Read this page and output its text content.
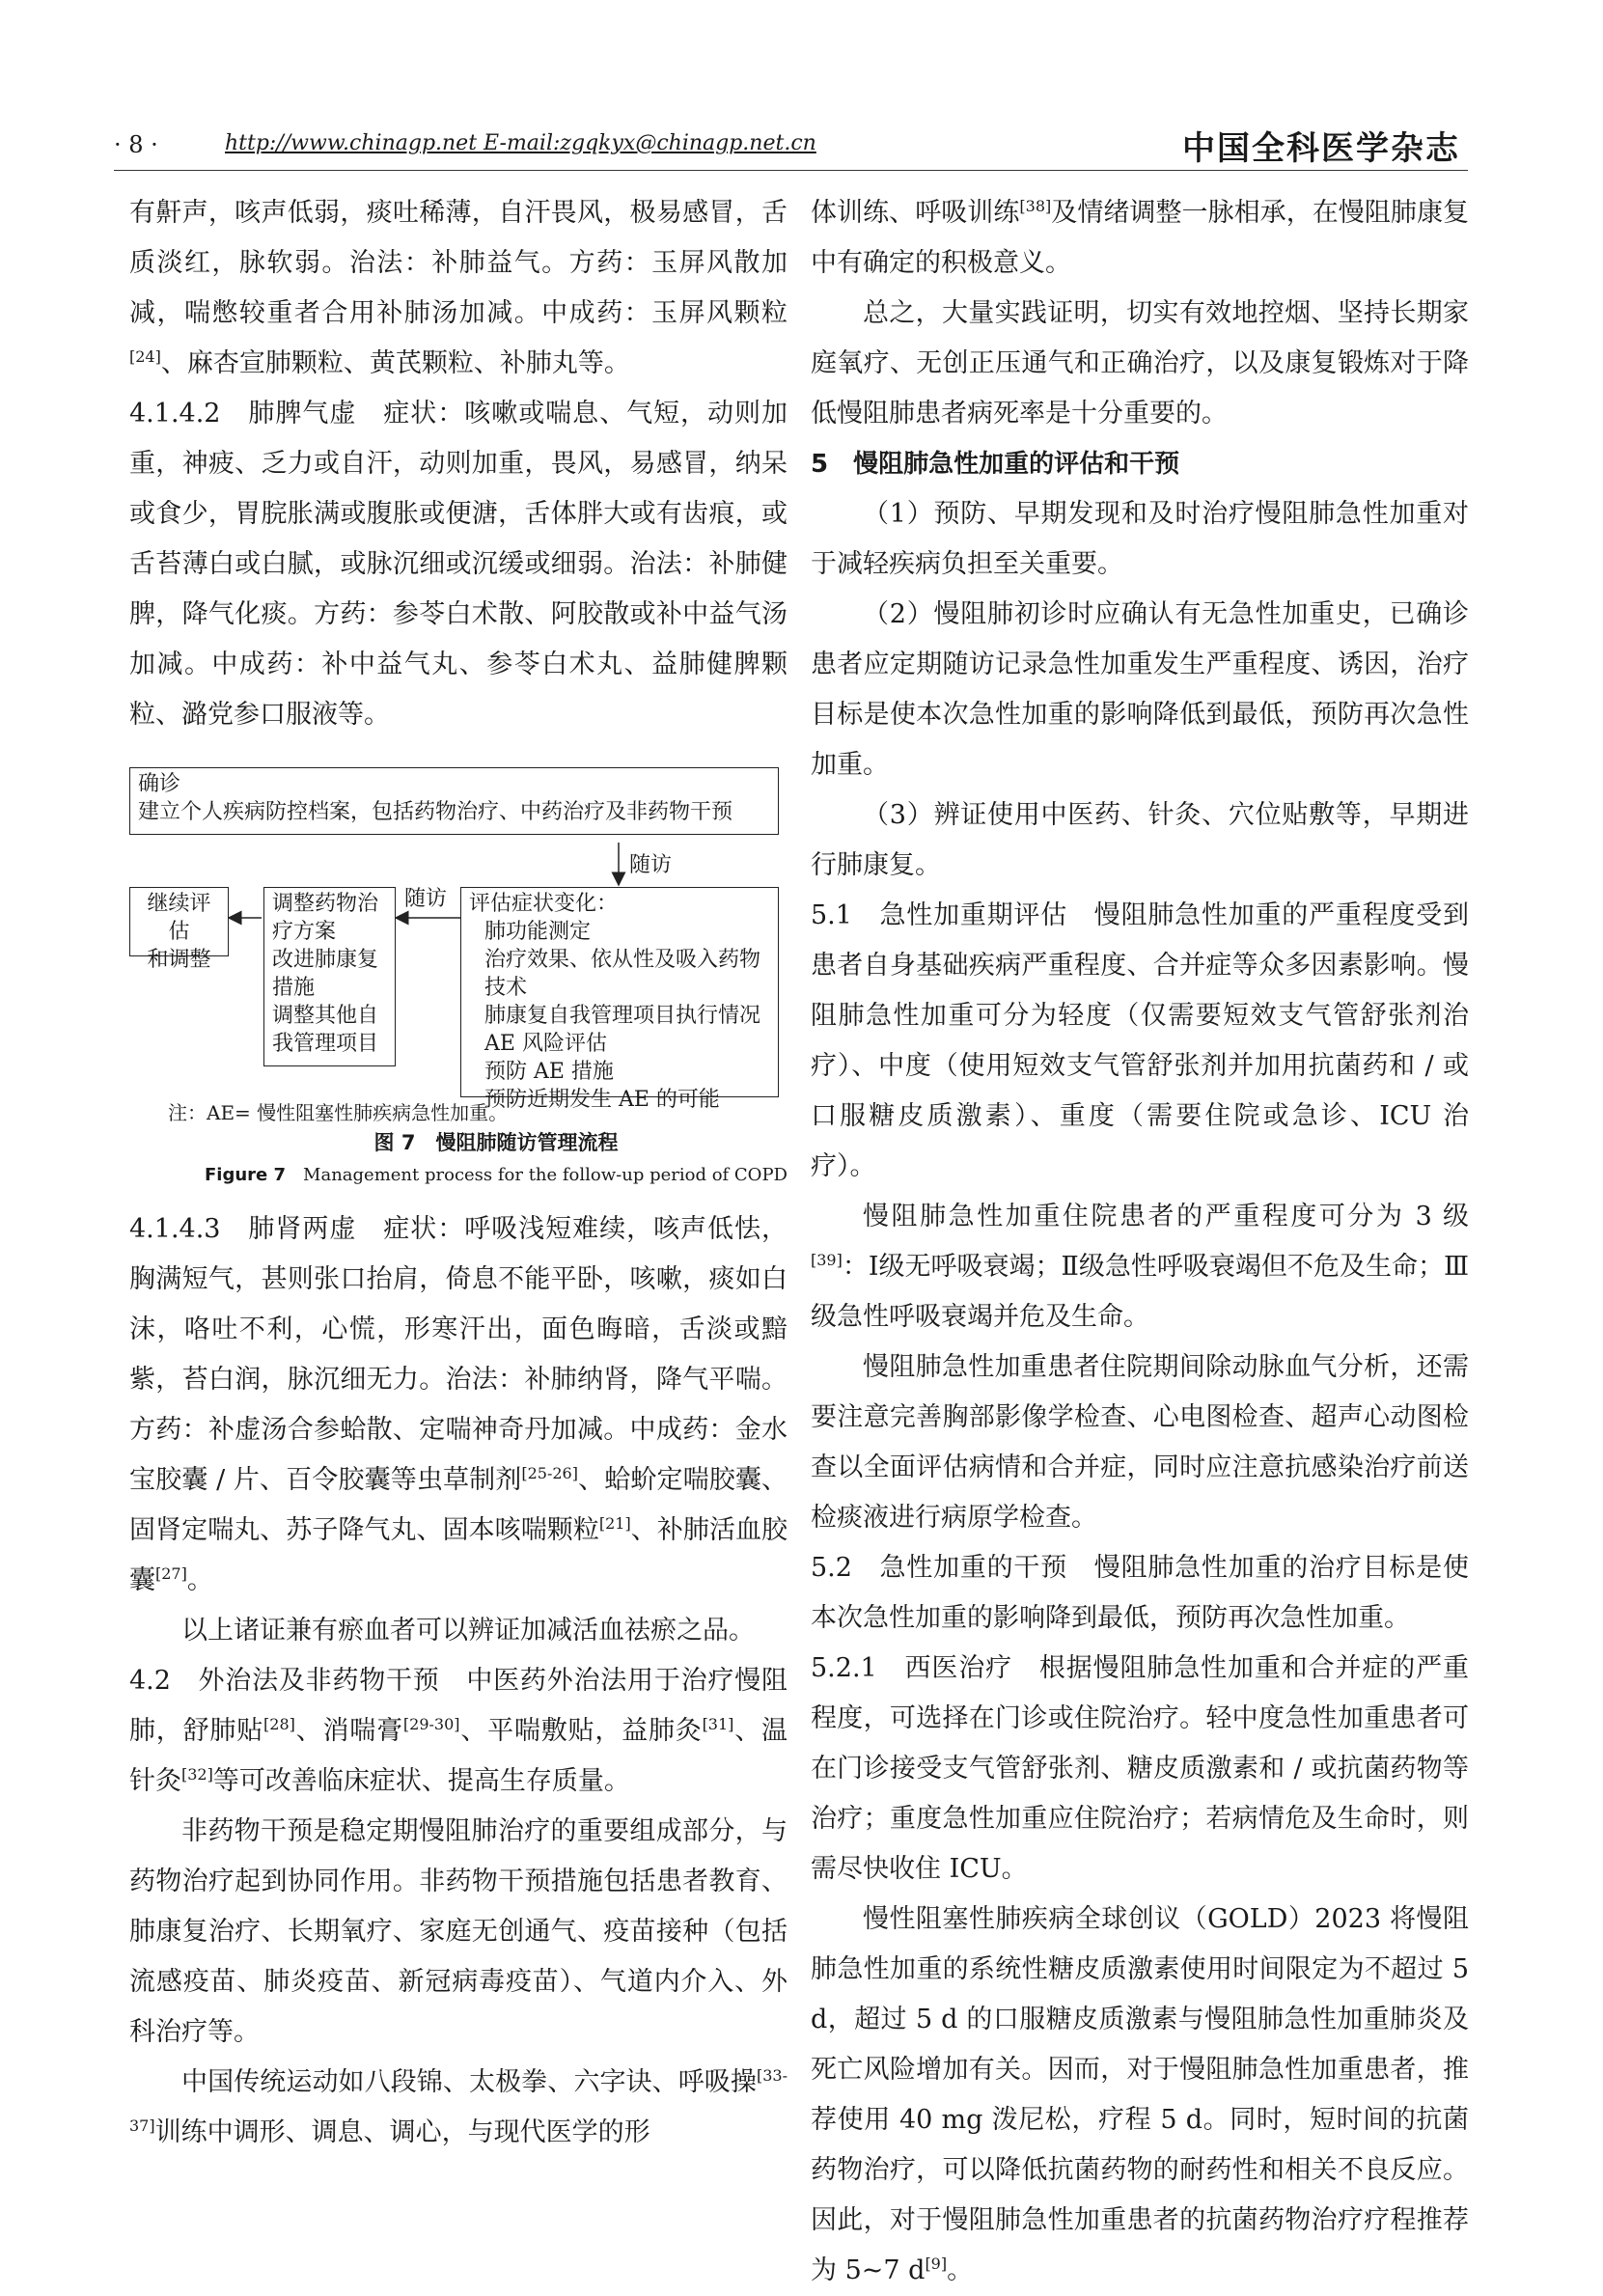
· 8 ·	http://www.chinagp.net E-mail:zgqkyx@chinagp.net.cn	中国全科医学杂志

有鼾声，咳声低弱，痰吐稀薄，自汗畏风，极易感冒，舌质淡红，脉软弱。治法：补肺益气。方药：玉屏风散加减，喘憋较重者合用补肺汤加减。中成药：玉屏风颗粒[24]、麻杏宣肺颗粒、黄芪颗粒、补肺丸等。

4.1.4.2　肺脾气虚　症状：咳嗽或喘息、气短，动则加重，神疲、乏力或自汗，动则加重，畏风，易感冒，纳呆或食少，胃脘胀满或腹胀或便溏，舌体胖大或有齿痕，或舌苔薄白或白腻，或脉沉细或沉缓或细弱。治法：补肺健脾，降气化痰。方药：参苓白术散、阿胶散或补中益气汤加减。中成药：补中益气丸、参苓白术丸、益肺健脾颗粒、潞党参口服液等。

确诊
建立个人疾病防控档案，包括药物治疗、中药治疗及非药物干预
随访
随访 评估症状变化：
肺功能测定
治疗效果、依从性及吸入药物
技术
肺康复自我管理项目执行情况
AE 风险评估
预防 AE 措施
预防近期发生 AE 的可能
调整药物治
疗方案
改进肺康复
措施
调整其他自
我管理项目
继续评估
和调整
注：AE= 慢性阻塞性肺疾病急性加重。
图 7　慢阻肺随访管理流程
Figure 7　 Management process for the follow-up period of COPD

4.1.4.3　肺肾两虚　症状：呼吸浅短难续，咳声低怯，胸满短气，甚则张口抬肩，倚息不能平卧，咳嗽，痰如白沫，咯吐不利，心慌，形寒汗出，面色晦暗，舌淡或黯紫，苔白润，脉沉细无力。治法：补肺纳肾，降气平喘。方药：补虚汤合参蛤散、定喘神奇丹加减。中成药：金水宝胶囊 / 片、百令胶囊等虫草制剂[25-26]、蛤蚧定喘胶囊、固肾定喘丸、苏子降气丸、固本咳喘颗粒[21]、补肺活血胶囊[27]。

以上诸证兼有瘀血者可以辨证加减活血祛瘀之品。

4.2　外治法及非药物干预　中医药外治法用于治疗慢阻肺，舒肺贴[28]、消喘膏[29-30]、平喘敷贴，益肺灸[31]、温针灸[32]等可改善临床症状、提高生存质量。

非药物干预是稳定期慢阻肺治疗的重要组成部分，与药物治疗起到协同作用。非药物干预措施包括患者教育、肺康复治疗、长期氧疗、家庭无创通气、疫苗接种（包括流感疫苗、肺炎疫苗、新冠病毒疫苗）、气道内介入、外科治疗等。

中国传统运动如八段锦、太极拳、六字诀、呼吸操[33-37]训练中调形、调息、调心，与现代医学的形

体训练、呼吸训练[38]及情绪调整一脉相承，在慢阻肺康复中有确定的积极意义。

总之，大量实践证明，切实有效地控烟、坚持长期家庭氧疗、无创正压通气和正确治疗，以及康复锻炼对于降低慢阻肺患者病死率是十分重要的。

5　慢阻肺急性加重的评估和干预

（1）预防、早期发现和及时治疗慢阻肺急性加重对于减轻疾病负担至关重要。

（2）慢阻肺初诊时应确认有无急性加重史，已确诊患者应定期随访记录急性加重发生严重程度、诱因，治疗目标是使本次急性加重的影响降低到最低，预防再次急性加重。

（3）辨证使用中医药、针灸、穴位贴敷等，早期进行肺康复。

5.1　急性加重期评估　慢阻肺急性加重的严重程度受到患者自身基础疾病严重程度、合并症等众多因素影响。慢阻肺急性加重可分为轻度（仅需要短效支气管舒张剂治疗）、中度（使用短效支气管舒张剂并加用抗菌药和 / 或口服糖皮质激素）、重度（需要住院或急诊、ICU 治疗）。

慢阻肺急性加重住院患者的严重程度可分为 3 级[39]：Ⅰ级无呼吸衰竭；Ⅱ级急性呼吸衰竭但不危及生命；Ⅲ级急性呼吸衰竭并危及生命。

慢阻肺急性加重患者住院期间除动脉血气分析，还需要注意完善胸部影像学检查、心电图检查、超声心动图检查以全面评估病情和合并症，同时应注意抗感染治疗前送检痰液进行病原学检查。

5.2　急性加重的干预　慢阻肺急性加重的治疗目标是使本次急性加重的影响降到最低，预防再次急性加重。

5.2.1　西医治疗　根据慢阻肺急性加重和合并症的严重程度，可选择在门诊或住院治疗。轻中度急性加重患者可在门诊接受支气管舒张剂、糖皮质激素和 / 或抗菌药物等治疗；重度急性加重应住院治疗；若病情危及生命时，则需尽快收住 ICU。

慢性阻塞性肺疾病全球创议（GOLD）2023 将慢阻肺急性加重的系统性糖皮质激素使用时间限定为不超过 5 d，超过 5 d 的口服糖皮质激素与慢阻肺急性加重肺炎及死亡风险增加有关。因而，对于慢阻肺急性加重患者，推荐使用 40 mg 泼尼松，疗程 5 d。同时，短时间的抗菌药物治疗，可以降低抗菌药物的耐药性和相关不良反应。因此，对于慢阻肺急性加重患者的抗菌药物治疗疗程推荐为 5~7 d[9]。
